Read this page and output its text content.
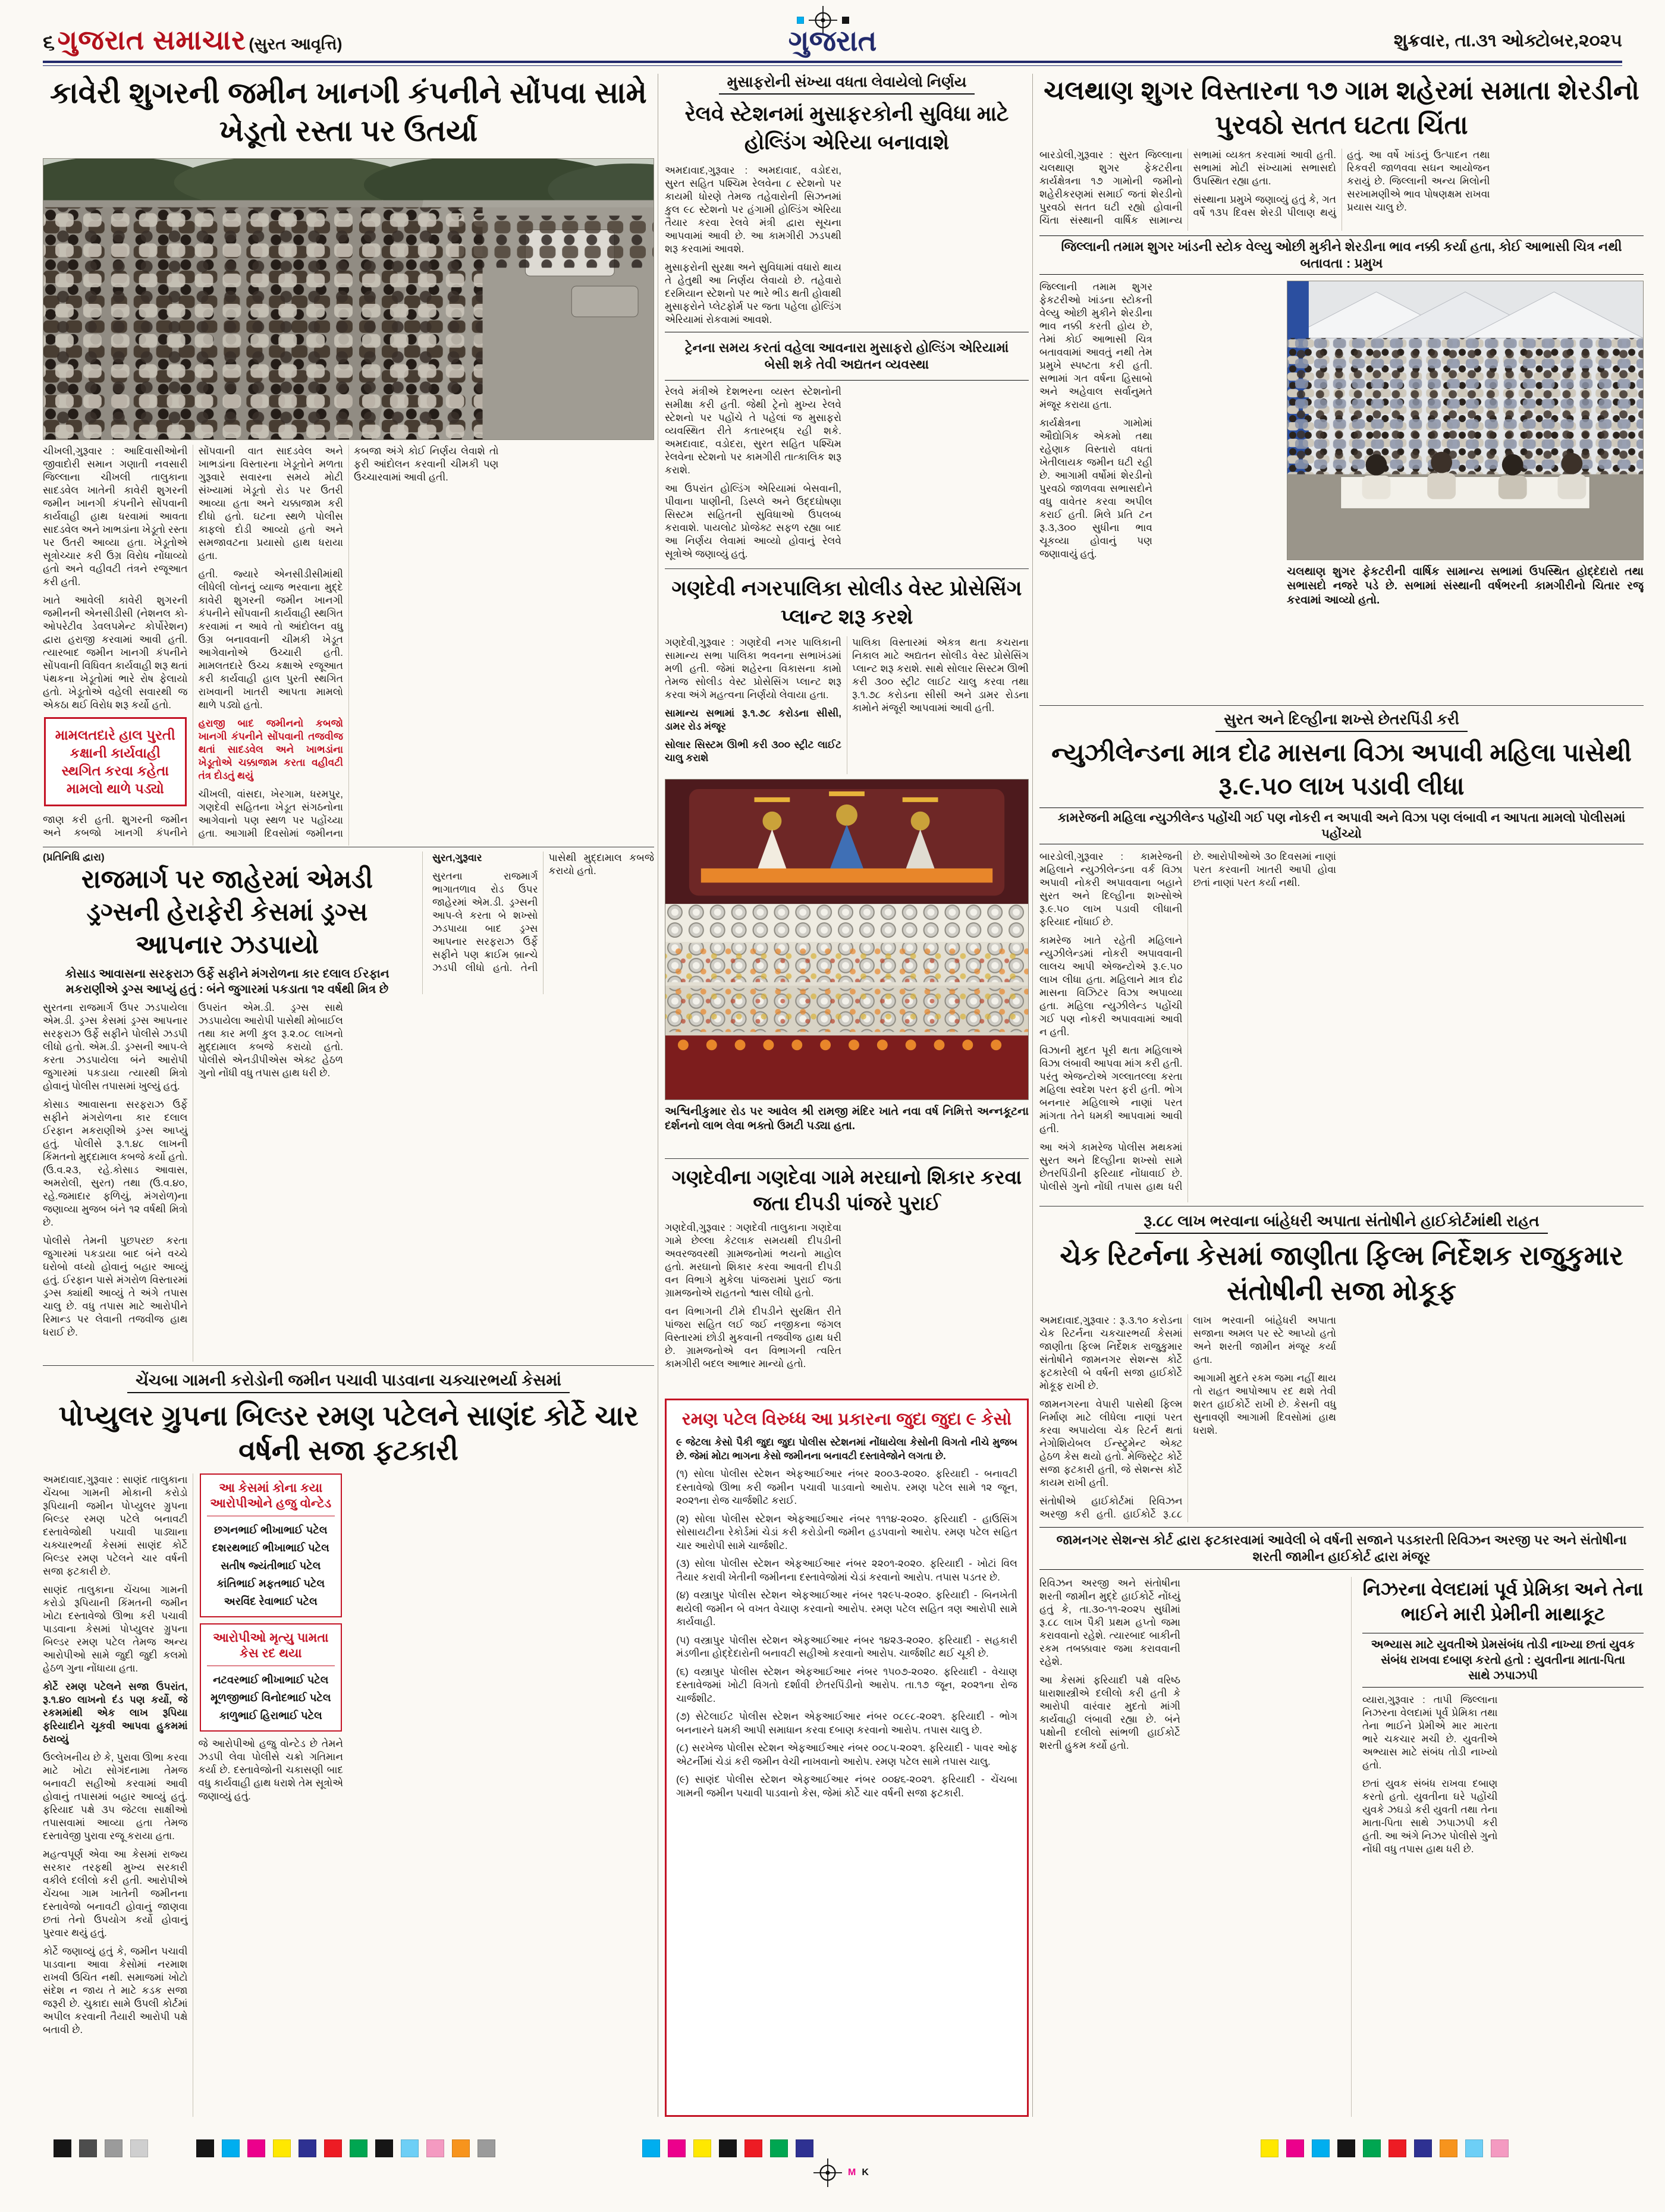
૬ ગુજરાત સમાચાર (સુરત આવૃત્તિ)	ગુજરાત	શુક્રવાર, તા.૩૧ ઓક્ટોબર,૨૦૨૫
કાવેરી શુગરની જમીન ખાનગી કંપનીને સોંપવા સામે ખેડૂતો રસ્તા પર ઉતર્યા

ચીખલી,ગુરૂવાર : આદિવાસીઓની જીવાદોરી સમાન ગણાતી નવસારી જિલ્લાના ચીખલી તાલુકાના સાદડવેલ ખાતેની કાવેરી શુગરની જમીન ખાનગી કંપનીને સોંપવાની કાર્યવાહી હાથ ધરવામાં આવતા સાદડવેલ અને ખાભડાંના ખેડૂતો રસ્તા પર ઉતરી આવ્યા હતા. ખેડૂતોએ સૂત્રોચ્ચાર કરી ઉગ્ર વિરોધ નોંધાવ્યો હતો અને વહીવટી તંત્રને રજૂઆત કરી હતી.

ખાતે આવેલી કાવેરી શુગરની જમીનની એનસીડીસી (નેશનલ કો-ઓપરેટીવ ડેવલપમેન્ટ કોર્પોરેશન) દ્વારા હરાજી કરવામાં આવી હતી. ત્યારબાદ જમીન ખાનગી કંપનીને સોંપવાની વિધિવત કાર્યવાહી શરૂ થતાં પંથકના ખેડૂતોમાં ભારે રોષ ફેલાયો હતો. ખેડૂતોએ વહેલી સવારથી જ એકઠા થઈ વિરોધ શરૂ કર્યો હતો.

મામલતદારે હાલ પુરતી કક્ષાની કાર્યવાહી સ્થગિત કરવા કહેતા મામલો થાળે પડ્યો

જાણ કરી હતી. શુગરની જમીન અને કબજો ખાનગી કંપનીને સોંપવાની વાત સાદડવેલ અને ખાભડાંના વિસ્તારના ખેડૂતોને મળતા ગુરૂવારે સવારના સમયે મોટી સંખ્યામાં ખેડૂતો રોડ પર ઉતરી આવ્યા હતા અને ચક્કાજામ કરી દીધો હતો. ઘટના સ્થળે પોલીસ કાફલો દોડી આવ્યો હતો અને સમજાવટના પ્રયાસો હાથ ધરાયા હતા.

હતી. જ્યારે એનસીડીસીમાંથી લીધેલી લોનનું વ્યાજ ભરવાના મુદ્દે કાવેરી શુગરની જમીન ખાનગી કંપનીને સોંપવાની કાર્યવાહી સ્થગિત કરવામાં ન આવે તો આંદોલન વધુ ઉગ્ર બનાવવાની ચીમકી ખેડૂત આગેવાનોએ ઉચ્ચારી હતી. મામલતદારે ઉચ્ચ કક્ષાએ રજૂઆત કરી કાર્યવાહી હાલ પુરતી સ્થગિત રાખવાની ખાતરી આપતા મામલો થાળે પડ્યો હતો.

હરાજી બાદ જમીનનો કબજો ખાનગી કંપનીને સોંપવાની તજવીજ થતાં સાદડવેલ અને ખાભડાંના ખેડૂતોએ ચક્કાજામ કરતા વહીવટી તંત્ર દોડતું થયું

ચીખલી, વાંસદા, ખેરગામ, ધરમપુર, ગણદેવી સહિતના ખેડૂત સંગઠનોના આગેવાનો પણ સ્થળ પર પહોંચ્યા હતા. આગામી દિવસોમાં જમીનના કબજા અંગે કોઈ નિર્ણય લેવાશે તો ફરી આંદોલન કરવાની ચીમકી પણ ઉચ્ચારવામાં આવી હતી.

(પ્રતિનિધિ દ્વારા)
રાજમાર્ગ પર જાહેરમાં એમડી ડ્રગ્સની હેરાફેરી કેસમાં ડ્રગ્સ આપનાર ઝડપાયો
કોસાડ આવાસના સરફરાઝ ઉર્ફે સફીને મંગરોળના કાર દલાલ ઈરફાન મકરાણીએ ડ્રગ્સ આપ્યું હતું : બંને જુગારમાં પકડાતા ૧૨ વર્ષથી મિત્ર છે

સુરત,ગુરૂવાર

સુરતના રાજમાર્ગ ભાગાતળાવ રોડ ઉપર જાહેરમાં એમ.ડી. ડ્રગ્સની આપ-લે કરતા બે શખ્સો ઝડપાયા બાદ ડ્રગ્સ આપનાર સરફરાઝ ઉર્ફે સફીને પણ ક્રાઈમ બ્રાન્ચે ઝડપી લીધો હતો. તેની પાસેથી મુદ્દામાલ કબજે કરાયો હતો.

સુરતના રાજમાર્ગ ઉપર ઝડપાયેલા એમ.ડી. ડ્રગ્સ કેસમાં ડ્રગ્સ આપનાર સરફરાઝ ઉર્ફે સફીને પોલીસે ઝડપી લીધો હતો. એમ.ડી. ડ્રગ્સની આપ-લે કરતા ઝડપાયેલા બંને આરોપી જુગારમાં પકડાયા ત્યારથી મિત્રો હોવાનું પોલીસ તપાસમાં ખુલ્યું હતું.

કોસાડ આવાસના સરફરાઝ ઉર્ફે સફીને મંગરોળના કાર દલાલ ઈરફાન મકરાણીએ ડ્રગ્સ આપ્યું હતું. પોલીસે રૂ.૧.૪૮ લાખની કિંમતનો મુદ્દામાલ કબજે કર્યો હતો. (ઉ.વ.૨૩, રહે.કોસાડ આવાસ, અમરોલી, સુરત) તથા (ઉ.વ.૪૦, રહે.જમાદાર ફળિયું, મંગરોળ)ના જણાવ્યા મુજબ બંને ૧૨ વર્ષથી મિત્રો છે.

પોલીસે તેમની પુછપરછ કરતા જુગારમાં પકડાયા બાદ બંને વચ્ચે ઘરોબો વધ્યો હોવાનું બહાર આવ્યું હતું. ઈરફાન પાસે મંગરોળ વિસ્તારમાં ડ્રગ્સ ક્યાંથી આવ્યું તે અંગે તપાસ ચાલુ છે. વધુ તપાસ માટે આરોપીને રિમાન્ડ પર લેવાની તજવીજ હાથ ધરાઈ છે.

ઉપરાંત એમ.ડી. ડ્રગ્સ સાથે ઝડપાયેલા આરોપી પાસેથી મોબાઈલ તથા કાર મળી કુલ રૂ.૨.૦૮ લાખનો મુદ્દામાલ કબજે કરાયો હતો. પોલીસે એનડીપીએસ એક્ટ હેઠળ ગુનો નોંધી વધુ તપાસ હાથ ધરી છે.

ચેંચબા ગામની કરોડોની જમીન પચાવી પાડવાના ચક્ચારભર્યા કેસમાં
પોપ્યુલર ગ્રુપના બિલ્ડર રમણ પટેલને સાણંદ કોર્ટે ચાર વર્ષની સજા ફટકારી

અમદાવાદ,ગુરૂવાર : સાણંદ તાલુકાના ચેંચબા ગામની મોકાની કરોડો રૂપિયાની જમીન પોપ્યુલર ગ્રુપના બિલ્ડર રમણ પટેલે બનાવટી દસ્તાવેજોથી પચાવી પાડ્યાના ચક્ચારભર્યા કેસમાં સાણંદ કોર્ટે બિલ્ડર રમણ પટેલને ચાર વર્ષની સજા ફટકારી છે.

સાણંદ તાલુકાના ચેંચબા ગામની કરોડો રૂપિયાની કિંમતની જમીન ખોટા દસ્તાવેજો ઊભા કરી પચાવી પાડવાના કેસમાં પોપ્યુલર ગ્રુપના બિલ્ડર રમણ પટેલ તેમજ અન્ય આરોપીઓ સામે જુદી જુદી કલમો હેઠળ ગુના નોંધાયા હતા.

કોર્ટે રમણ પટેલને સજા ઉપરાંત, રૂ.૧.૪૦ લાખનો દંડ પણ કર્યો, જે રકમમાંથી એક લાખ રૂપિયા ફરિયાદીને ચૂકવી આપવા હુકમમાં ઠરાવ્યું

ઉલ્લેખનીય છે કે, પુરાવા ઊભા કરવા માટે ખોટા સોગંદનામા તેમજ બનાવટી સહીઓ કરવામાં આવી હોવાનું તપાસમાં બહાર આવ્યું હતું. ફરિયાદ પક્ષે ૩૫ જેટલા સાક્ષીઓ તપાસવામાં આવ્યા હતા તેમજ દસ્તાવેજી પુરાવા રજૂ કરાયા હતા.

મહત્વપૂર્ણ એવા આ કેસમાં રાજ્ય સરકાર તરફથી મુખ્ય સરકારી વકીલે દલીલો કરી હતી. આરોપીએ ચેંચબા ગામ ખાતેની જમીનના દસ્તાવેજો બનાવટી હોવાનું જાણવા છતાં તેનો ઉપયોગ કર્યો હોવાનું પુરવાર થયું હતું.

કોર્ટે જણાવ્યું હતું કે, જમીન પચાવી પાડવાના આવા કેસોમાં નરમાશ રાખવી ઉચિત નથી. સમાજમાં ખોટો સંદેશ ન જાય તે માટે કડક સજા જરૂરી છે. ચુકાદા સામે ઉપલી કોર્ટમાં અપીલ કરવાની તૈયારી આરોપી પક્ષે બતાવી છે.

આ કેસમાં કોના કયા આરોપીઓને હજુ વોન્ટેડ
છગનભાઈ ભીખાભાઈ પટેલ
દશરથભાઈ ભીખાભાઈ પટેલ
સતીષ જ્યંતીભાઈ પટેલ
કાંતિભાઈ મફતભાઈ પટેલ
અરવિંદ રેવાભાઈ પટેલ
આરોપીઓ મૃત્યુ પામતા કેસ રદ થયા
નટવરભાઈ ભીખાભાઈ પટેલ
મૂળજીભાઈ વિનોદભાઈ પટેલ
કાળુભાઈ હિરાભાઈ પટેલ

જે આરોપીઓ હજુ વોન્ટેડ છે તેમને ઝડપી લેવા પોલીસે ચક્રો ગતિમાન કર્યા છે. દસ્તાવેજોની ચકાસણી બાદ વધુ કાર્યવાહી હાથ ધરાશે તેમ સૂત્રોએ જણાવ્યું હતું.

મુસાફરોની સંખ્યા વધતા લેવાયેલો નિર્ણય
રેલવે સ્ટેશનમાં મુસાફરકોની સુવિધા માટે હોલ્ડિંગ એરિયા બનાવાશે

અમદાવાદ,ગુરૂવાર : અમદાવાદ, વડોદરા, સુરત સહિત પશ્ચિમ રેલવેના ૮ સ્ટેશનો પર કાયમી ધોરણે તેમજ તહેવારોની સિઝનમાં કુલ ૯૮ સ્ટેશનો પર હંગામી હોલ્ડિંગ એરિયા તૈયાર કરવા રેલવે મંત્રી દ્વારા સૂચના આપવામાં આવી છે. આ કામગીરી ઝડપથી શરૂ કરવામાં આવશે.

મુસાફરોની સુરક્ષા અને સુવિધામાં વધારો થાય તે હેતુથી આ નિર્ણય લેવાયો છે. તહેવારો દરમિયાન સ્ટેશનો પર ભારે ભીડ થતી હોવાથી મુસાફરોને પ્લેટફોર્મ પર જતા પહેલા હોલ્ડિંગ એરિયામાં રોકવામાં આવશે.

ટ્રેનના સમય કરતાં વહેલા આવનારા મુસાફરો હોલ્ડિંગ એરિયામાં બેસી શકે તેવી અદ્યતન વ્યવસ્થા

રેલવે મંત્રીએ દેશભરના વ્યસ્ત સ્ટેશનોની સમીક્ષા કરી હતી. જેથી ટ્રેનો મુખ્ય રેલવે સ્ટેશનો પર પહોંચે તે પહેલાં જ મુસાફરો વ્યવસ્થિત રીતે કતારબદ્ધ રહી શકે. અમદાવાદ, વડોદરા, સુરત સહિત પશ્ચિમ રેલવેના સ્ટેશનો પર કામગીરી તાત્કાલિક શરૂ કરાશે.

આ ઉપરાંત હોલ્ડિંગ એરિયામાં બેસવાની, પીવાના પાણીની, ડિસ્પ્લે અને ઉદ્દઘોષણા સિસ્ટમ સહિતની સુવિધાઓ ઉપલબ્ધ કરાવાશે. પાયલોટ પ્રોજેક્ટ સફળ રહ્યા બાદ આ નિર્ણય લેવામાં આવ્યો હોવાનું રેલવે સૂત્રોએ જણાવ્યું હતું.

ગણદેવી નગરપાલિકા સોલીડ વેસ્ટ પ્રોસેસિંગ પ્લાન્ટ શરૂ કરશે

ગણદેવી,ગુરૂવાર : ગણદેવી નગર પાલિકાની સામાન્ય સભા પાલિકા ભવનના સભાખંડમાં મળી હતી. જેમાં શહેરના વિકાસના કામો તેમજ સોલીડ વેસ્ટ પ્રોસેસિંગ પ્લાન્ટ શરૂ કરવા અંગે મહત્વના નિર્ણયો લેવાયા હતા.

સામાન્ય સભામાં રૂ.૧.૭૮ કરોડના સીસી, ડામર રોડ મંજૂર

સોલાર સિસ્ટમ ઊભી કરી ૩૦૦ સ્ટ્રીટ લાઈટ ચાલુ કરાશે

પાલિકા વિસ્તારમાં એકત્ર થતા કચરાના નિકાલ માટે અદ્યતન સોલીડ વેસ્ટ પ્રોસેસિંગ પ્લાન્ટ શરૂ કરાશે. સાથે સોલાર સિસ્ટમ ઊભી કરી ૩૦૦ સ્ટ્રીટ લાઈટ ચાલુ કરવા તથા રૂ.૧.૭૮ કરોડના સીસી અને ડામર રોડના કામોને મંજૂરી આપવામાં આવી હતી.

અશ્વિનીકુમાર રોડ પર આવેલ શ્રી રામજી મંદિર ખાતે નવા વર્ષ નિમિત્તે અન્નકૂટના દર્શનનો લાભ લેવા ભક્તો ઉમટી પડ્યા હતા.
ગણદેવીના ગણદેવા ગામે મરઘાનો શિકાર કરવા જતા દીપડી પાંજરે પુરાઈ

ગણદેવી,ગુરૂવાર : ગણદેવી તાલુકાના ગણદેવા ગામે છેલ્લા કેટલાક સમયથી દીપડીની અવરજવરથી ગ્રામજનોમાં ભયનો માહોલ હતો. મરઘાનો શિકાર કરવા આવતી દીપડી વન વિભાગે મુકેલા પાંજરામાં પુરાઈ જતા ગ્રામજનોએ રાહતનો શ્વાસ લીધો હતો.

વન વિભાગની ટીમે દીપડીને સુરક્ષિત રીતે પાંજરા સહિત લઈ જઈ નજીકના જંગલ વિસ્તારમાં છોડી મુકવાની તજવીજ હાથ ધરી છે. ગ્રામજનોએ વન વિભાગની ત્વરિત કામગીરી બદલ આભાર માન્યો હતો.

રમણ પટેલ વિરુધ્ધ આ પ્રકારના જુદા જુદા ૯ કેસો

૯ જેટલા કેસો પૈકી જુદા જુદા પોલીસ સ્ટેશનમાં નોંધાયેલા કેસોની વિગતો નીચે મુજબ છે. જેમાં મોટા ભાગના કેસો જમીનના બનાવટી દસ્તાવેજોને લગતા છે.

(૧) સોલા પોલીસ સ્ટેશન એફઆઈઆર નંબર ૨૦૦૩-૨૦૨૦. ફરિયાદી - બનાવટી દસ્તાવેજો ઊભા કરી જમીન પચાવી પાડવાનો આરોપ. રમણ પટેલ સામે ૧૨ જૂન, ૨૦૨૧ના રોજ ચાર્જશીટ કરાઈ.

(૨) સોલા પોલીસ સ્ટેશન એફઆઈઆર નંબર ૧૧૧૪-૨૦૨૦. ફરિયાદી - હાઉસિંગ સોસાયટીના રેકોર્ડમાં ચેડાં કરી કરોડોની જમીન હડપવાનો આરોપ. રમણ પટેલ સહિત ચાર આરોપી સામે ચાર્જશીટ.

(૩) સોલા પોલીસ સ્ટેશન એફઆઈઆર નંબર ૨૨૦૧-૨૦૨૦. ફરિયાદી - ખોટાં વિલ તૈયાર કરાવી ખેતીની જમીનના દસ્તાવેજોમાં ચેડાં કરવાનો આરોપ. તપાસ પડતર છે.

(૪) વસ્ત્રાપુર પોલીસ સ્ટેશન એફઆઈઆર નંબર ૧૨૯૫-૨૦૨૦. ફરિયાદી - બિનખેતી થયેલી જમીન બે વખત વેચાણ કરવાનો આરોપ. રમણ પટેલ સહિત ત્રણ આરોપી સામે કાર્યવાહી.

(૫) વસ્ત્રાપુર પોલીસ સ્ટેશન એફઆઈઆર નંબર ૧૪૨૩-૨૦૨૦. ફરિયાદી - સહકારી મંડળીના હોદ્દેદારોની બનાવટી સહીઓ કરવાનો આરોપ. ચાર્જશીટ થઈ ચૂકી છે.

(૬) વસ્ત્રાપુર પોલીસ સ્ટેશન એફઆઈઆર નંબર ૧૫૦૭-૨૦૨૦. ફરિયાદી - વેચાણ દસ્તાવેજમાં ખોટી વિગતો દર્શાવી છેતરપિંડીનો આરોપ. તા.૧૭ જૂન, ૨૦૨૧ના રોજ ચાર્જશીટ.

(૭) સેટેલાઈટ પોલીસ સ્ટેશન એફઆઈઆર નંબર ૦૮૯૮-૨૦૨૧. ફરિયાદી - ભોગ બનનારને ધમકી આપી સમાધાન કરવા દબાણ કરવાનો આરોપ. તપાસ ચાલુ છે.

(૮) સરખેજ પોલીસ સ્ટેશન એફઆઈઆર નંબર ૦૦૮૫-૨૦૨૧. ફરિયાદી - પાવર ઓફ એટર્નીમાં ચેડાં કરી જમીન વેચી નાખવાનો આરોપ. રમણ પટેલ સામે તપાસ ચાલુ.

(૯) સાણંદ પોલીસ સ્ટેશન એફઆઈઆર નંબર ૦૦૪૬-૨૦૨૧. ફરિયાદી - ચેંચબા ગામની જમીન પચાવી પાડવાનો કેસ, જેમાં કોર્ટે ચાર વર્ષની સજા ફટકારી.

ચલથાણ શુગર વિસ્તારના ૧૭ ગામ શહેરમાં સમાતા શેરડીનો પુરવઠો સતત ઘટતા ચિંતા

બારડોલી,ગુરૂવાર : સુરત જિલ્લાના ચલથાણ શુગર ફેકટરીના કાર્યક્ષેત્રના ૧૭ ગામોની જમીનો શહેરીકરણમાં સમાઈ જતાં શેરડીનો પુરવઠો સતત ઘટી રહ્યો હોવાની ચિંતા સંસ્થાની વાર્ષિક સામાન્ય સભામાં વ્યક્ત કરવામાં આવી હતી. સભામાં મોટી સંખ્યામાં સભાસદો ઉપસ્થિત રહ્યા હતા.

સંસ્થાના પ્રમુખે જણાવ્યું હતું કે, ગત વર્ષે ૧૩૫ દિવસ શેરડી પીલાણ થયું હતું. આ વર્ષે ખાંડનું ઉત્પાદન તથા રિકવરી જાળવવા સઘન આયોજન કરાયું છે. જિલ્લાની અન્ય મિલોની સરખામણીએ ભાવ પોષણક્ષમ રાખવા પ્રયાસ ચાલુ છે.

જિલ્લાની તમામ શુગર ખાંડની સ્ટોક વેલ્યુ ઓછી મુકીને શેરડીના ભાવ નક્કી કર્યા હતા, કોઈ આભાસી ચિત્ર નથી બતાવતા : પ્રમુખ

જિલ્લાની તમામ શુગર ફેકટરીઓ ખાંડના સ્ટોકની વેલ્યુ ઓછી મુકીને શેરડીના ભાવ નક્કી કરતી હોય છે, તેમાં કોઈ આભાસી ચિત્ર બતાવવામાં આવતું નથી તેમ પ્રમુખે સ્પષ્ટતા કરી હતી. સભામાં ગત વર્ષના હિસાબો અને અહેવાલ સર્વાનુમતે મંજૂર કરાયા હતા.

કાર્યક્ષેત્રના ગામોમાં ઔદ્યોગિક એકમો તથા રહેણાક વિસ્તારો વધતાં ખેતીલાયક જમીન ઘટી રહી છે. આગામી વર્ષોમાં શેરડીનો પુરવઠો જાળવવા સભાસદોને વધુ વાવેતર કરવા અપીલ કરાઈ હતી. મિલે પ્રતિ ટન રૂ.૩,૩૦૦ સુધીના ભાવ ચૂકવ્યા હોવાનું પણ જણાવાયું હતું.

ચલથાણ શુગર ફેકટરીની વાર્ષિક સામાન્ય સભામાં ઉપસ્થિત હોદ્દેદારો તથા સભાસદો નજરે પડે છે. સભામાં સંસ્થાની વર્ષભરની કામગીરીનો ચિતાર રજૂ કરવામાં આવ્યો હતો.
સુરત અને દિલ્હીના શખ્સે છેતરપિંડી કરી
ન્યુઝીલેન્ડના માત્ર દોઢ માસના વિઝા અપાવી મહિલા પાસેથી રૂ.૯.૫૦ લાખ પડાવી લીધા
કામરેજની મહિલા ન્યુઝીલેન્ડ પહોંચી ગઈ પણ નોકરી ન અપાવી અને વિઝા પણ લંબાવી ન આપતા મામલો પોલીસમાં પહોંચ્યો

બારડોલી,ગુરૂવાર : કામરેજની મહિલાને ન્યુઝીલેન્ડના વર્ક વિઝા અપાવી નોકરી અપાવવાના બહાને સુરત અને દિલ્હીના શખ્સોએ રૂ.૯.૫૦ લાખ પડાવી લીધાની ફરિયાદ નોંધાઈ છે.

કામરેજ ખાતે રહેતી મહિલાને ન્યુઝીલેન્ડમાં નોકરી અપાવવાની લાલચ આપી એજન્ટોએ રૂ.૯.૫૦ લાખ લીધા હતા. મહિલાને માત્ર દોઢ માસના વિઝિટર વિઝા અપાવ્યા હતા. મહિલા ન્યુઝીલેન્ડ પહોંચી ગઈ પણ નોકરી અપાવવામાં આવી ન હતી.

વિઝાની મુદત પૂરી થતા મહિલાએ વિઝા લંબાવી આપવા માંગ કરી હતી. પરંતુ એજન્ટોએ ગલ્લાતલ્લા કરતા મહિલા સ્વદેશ પરત ફરી હતી. ભોગ બનનાર મહિલાએ નાણાં પરત માંગતા તેને ધમકી આપવામાં આવી હતી.

આ અંગે કામરેજ પોલીસ મથકમાં સુરત અને દિલ્હીના શખ્સો સામે છેતરપિંડીની ફરિયાદ નોંધાવાઈ છે. પોલીસે ગુનો નોંધી તપાસ હાથ ધરી છે. આરોપીઓએ ૩૦ દિવસમાં નાણાં પરત કરવાની ખાતરી આપી હોવા છતાં નાણાં પરત કર્યા નથી.

રૂ.૮૮ લાખ ભરવાના બાંહેધરી અપાતા સંતોષીને હાઈકોર્ટમાંથી રાહત
ચેક રિટર્નના કેસમાં જાણીતા ફિલ્મ નિર્દેશક રાજુકુમાર સંતોષીની સજા મોકૂફ

અમદાવાદ,ગુરૂવાર : રૂ.૩.૧૦ કરોડના ચેક રિટર્નના ચકચારભર્યા કેસમાં જાણીતા ફિલ્મ નિર્દેશક રાજુકુમાર સંતોષીને જામનગર સેશન્સ કોર્ટે ફટકારેલી બે વર્ષની સજા હાઈકોર્ટે મોકૂફ રાખી છે.

જામનગરના વેપારી પાસેથી ફિલ્મ નિર્માણ માટે લીધેલા નાણાં પરત કરવા અપાયેલા ચેક રિટર્ન થતાં નેગોશિયેબલ ઈન્સ્ટ્રુમેન્ટ એક્ટ હેઠળ કેસ થયો હતો. મેજિસ્ટ્રેટ કોર્ટે સજા ફટકારી હતી, જે સેશન્સ કોર્ટે કાયમ રાખી હતી.

સંતોષીએ હાઈકોર્ટમાં રિવિઝન અરજી કરી હતી. હાઈકોર્ટે રૂ.૮૮ લાખ ભરવાની બાંહેધરી અપાતા સજાના અમલ પર સ્ટે આપ્યો હતો અને શરતી જામીન મંજૂર કર્યા હતા.

આગામી મુદતે રકમ જમા નહીં થાય તો રાહત આપોઆપ રદ થશે તેવી શરત હાઈકોર્ટે રાખી છે. કેસની વધુ સુનાવણી આગામી દિવસોમાં હાથ ધરાશે.

જામનગર સેશન્સ કોર્ટ દ્વારા ફટકારવામાં આવેલી બે વર્ષની સજાને પડકારતી રિવિઝન અરજી પર અને સંતોષીના શરતી જામીન હાઈકોર્ટ દ્વારા મંજૂર

રિવિઝન અરજી અને સંતોષીના શરતી જામીન મુદ્દે હાઈકોર્ટે નોંધ્યું હતું કે, તા.૩૦-૧૧-૨૦૨૫ સુધીમાં રૂ.૮૮ લાખ પૈકી પ્રથમ હપ્તો જમા કરાવવાનો રહેશે. ત્યારબાદ બાકીની રકમ તબક્કાવાર જમા કરાવવાની રહેશે.

આ કેસમાં ફરિયાદી પક્ષે વરિષ્ઠ ધારાશાસ્ત્રીએ દલીલો કરી હતી કે આરોપી વારંવાર મુદતો માંગી કાર્યવાહી લંબાવી રહ્યા છે. બંને પક્ષોની દલીલો સાંભળી હાઈકોર્ટે શરતી હુકમ કર્યો હતો.

નિઝરના વેલદામાં પૂર્વ પ્રેમિકા અને તેના ભાઈને મારી પ્રેમીની માથાકૂટ
અભ્યાસ માટે યુવતીએ પ્રેમસંબંધ તોડી નાખ્યા છતાં યુવક સંબંધ રાખવા દબાણ કરતો હતો : યુવતીના માતા-પિતા સાથે ઝપાઝપી

વ્યારા,ગુરૂવાર : તાપી જિલ્લાના નિઝરના વેલદામાં પૂર્વ પ્રેમિકા તથા તેના ભાઈને પ્રેમીએ માર મારતા ભારે ચકચાર મચી છે. યુવતીએ અભ્યાસ માટે સંબંધ તોડી નાખ્યો હતો.

છતાં યુવક સંબંધ રાખવા દબાણ કરતો હતો. યુવતીના ઘરે પહોંચી યુવકે ઝઘડો કરી યુવતી તથા તેના માતા-પિતા સાથે ઝપાઝપી કરી હતી. આ અંગે નિઝર પોલીસે ગુનો નોંધી વધુ તપાસ હાથ ધરી છે.

M K
